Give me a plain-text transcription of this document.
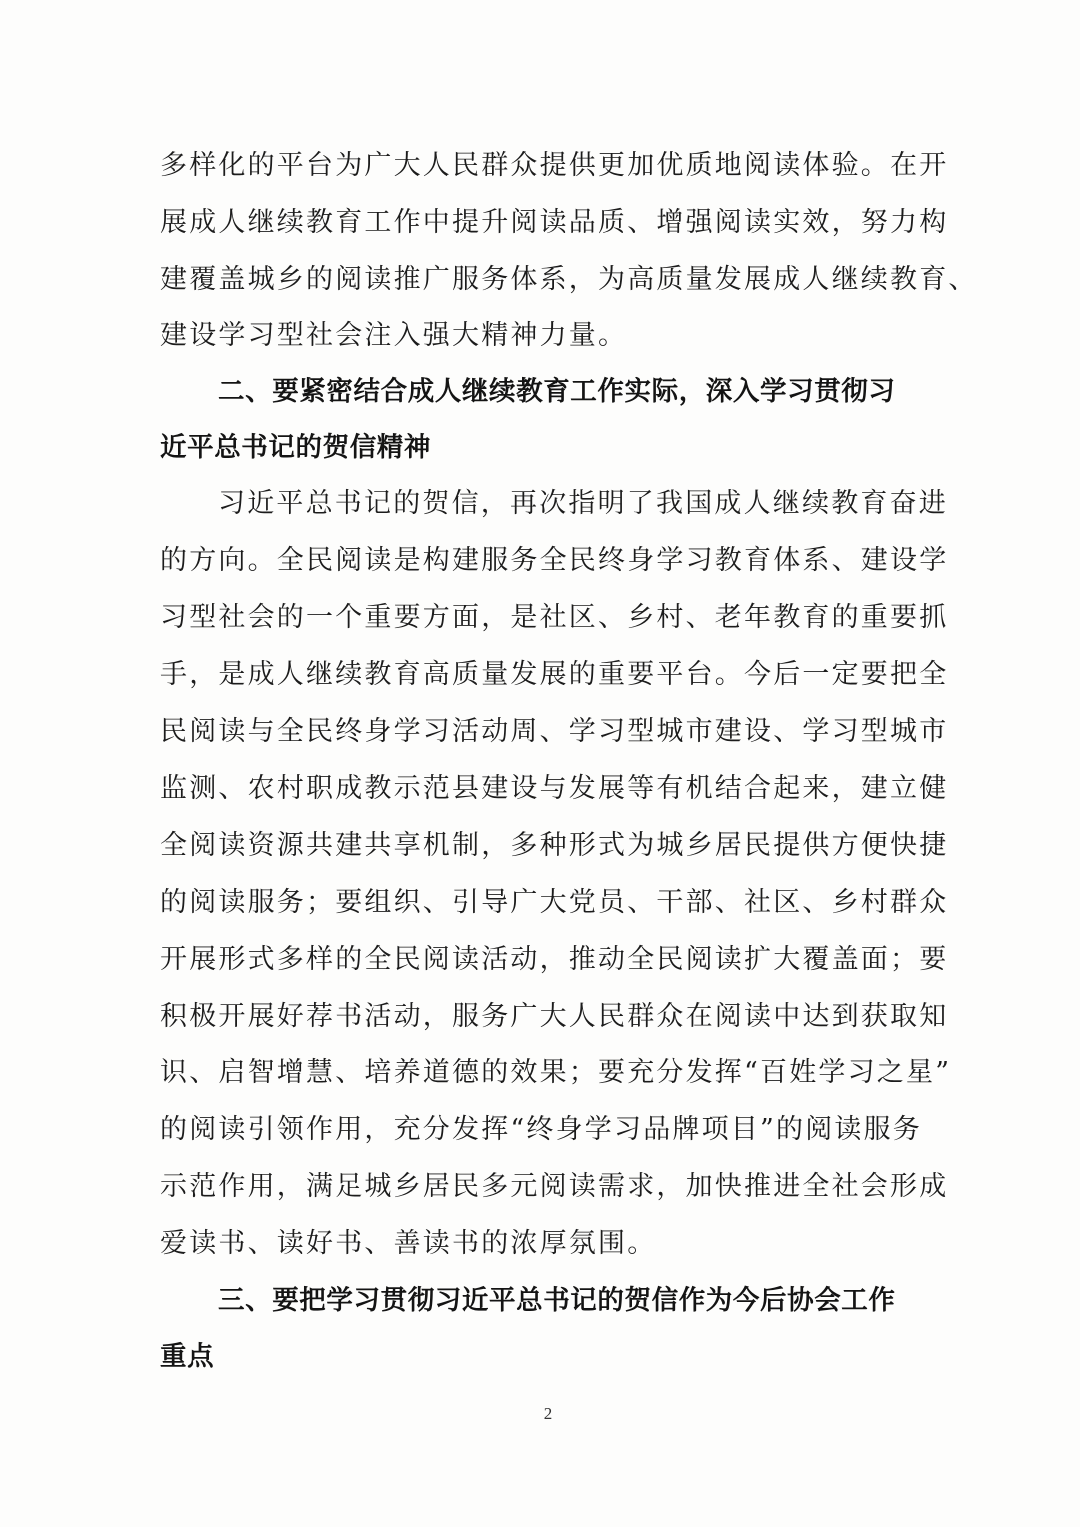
多样化的平台为广大人民群众提供更加优质地阅读体验。在开
展成人继续教育工作中提升阅读品质、增强阅读实效，努力构
建覆盖城乡的阅读推广服务体系，为高质量发展成人继续教育、
建设学习型社会注入强大精神力量。
二、要紧密结合成人继续教育工作实际，深入学习贯彻习
近平总书记的贺信精神
习近平总书记的贺信，再次指明了我国成人继续教育奋进
的方向。全民阅读是构建服务全民终身学习教育体系、建设学
习型社会的一个重要方面，是社区、乡村、老年教育的重要抓
手，是成人继续教育高质量发展的重要平台。今后一定要把全
民阅读与全民终身学习活动周、学习型城市建设、学习型城市
监测、农村职成教示范县建设与发展等有机结合起来，建立健
全阅读资源共建共享机制，多种形式为城乡居民提供方便快捷
的阅读服务；要组织、引导广大党员、干部、社区、乡村群众
开展形式多样的全民阅读活动，推动全民阅读扩大覆盖面；要
积极开展好荐书活动，服务广大人民群众在阅读中达到获取知
识、启智增慧、培养道德的效果；要充分发挥“百姓学习之星”
的阅读引领作用，充分发挥“终身学习品牌项目”的阅读服务
示范作用，满足城乡居民多元阅读需求，加快推进全社会形成
爱读书、读好书、善读书的浓厚氛围。
三、要把学习贯彻习近平总书记的贺信作为今后协会工作
重点
2
